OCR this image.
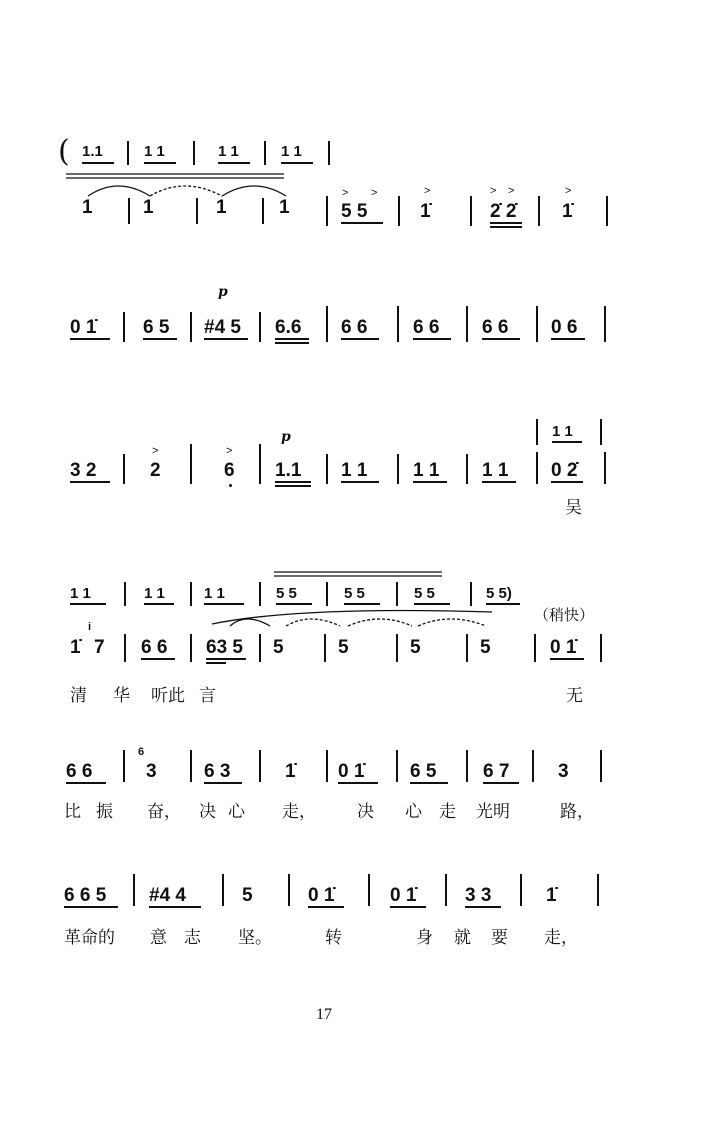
( 1.1	1 1	1 1	1 1
1	1	1	1	5 5	1̇	2̇ 2̇ 1̇
> >	>	> >	>
p
0 1̇ 6 5 #4 5 6.6 6 6 6 6 6 6 0 6
1 1
p
>	>
3 2	2	6 1.1 1 1 1 1 1 1 0 2̇
吴
1 1	1 1	1 1	5 5	5 5	5 5	5 5)
（稍快）
1̇
i
7 6 6 63 5 5	5	5	5	0 1̇
清 华 听此 言	无
6
6 6	3 6 3	1̇ 0 1̇ 6 5 6 7	3
比 振 奋， 决 心 走， 决 心 走 光明	路，
6 6 5 #4 4	5	0 1̇	0 1̇	3 3	1̇
革命的 意 志 坚。	转	身 就 要 走，
17
